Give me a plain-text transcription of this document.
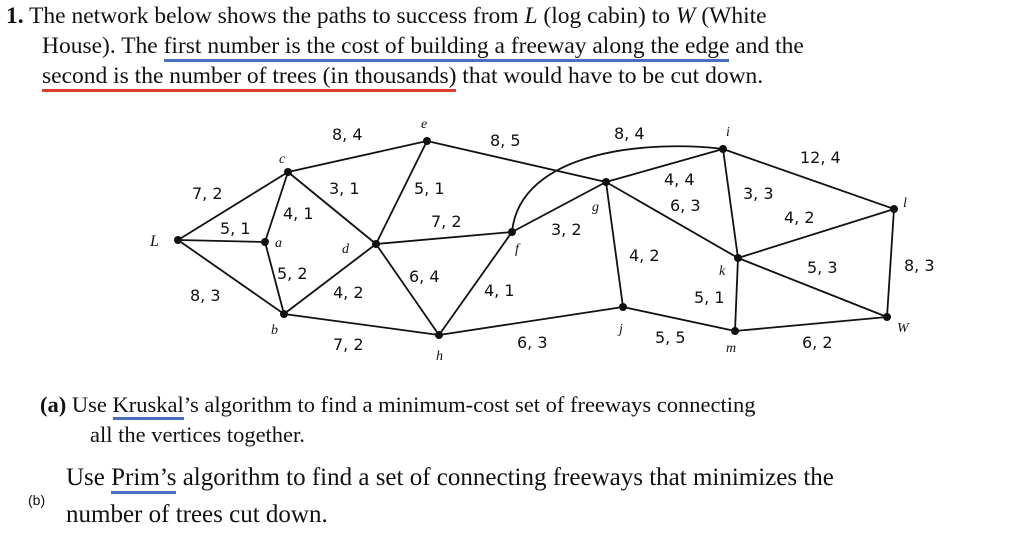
1. The network below shows the paths to success from L (log cabin) to W (White
House). The first number is the cost of building a freeway along the edge and the
second is the number of trees (in thousands) that would have to be cut down.
L	a
b
c
d
e
f
g
h
i
j
k
l
m
W
7, 2
5, 1
8, 3
4, 1
5, 2
8, 4
3, 1	5, 1
7, 2
6, 4
4, 2
7, 2
8, 5	8, 4
3, 2
4, 1
4, 4
6, 3
4, 2
6, 3
12, 4
3, 3
4, 2
5, 3
5, 1
5, 5
8, 3
6, 2
(a) Use Kruskal’s algorithm to find a minimum-cost set of freeways connecting
all the vertices together.
(b)
Use Prim’s algorithm to find a set of connecting freeways that minimizes the
number of trees cut down.
